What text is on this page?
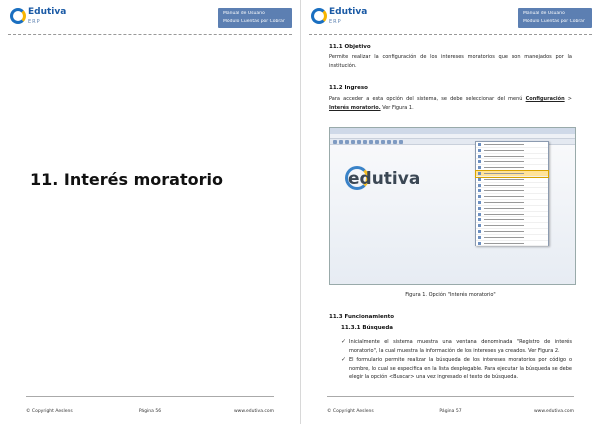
Edutiva
ERP
Manual de Usuario
Módulo Cuentas por Cobrar
11. Interés moratorio
© Copyright Aeslens	Página 56	www.edutiva.com
Edutiva
ERP
Manual de Usuario
Módulo Cuentas por Cobrar
11.1 Objetivo
Permite realizar la configuración de los intereses moratorios que son manejados por la institución.
11.2 Ingreso
Para acceder a esta opción del sistema, se debe seleccionar del menú Configuración > Interés moratorio. Ver Figura 1.
edutiva
Figura 1. Opción "Interés moratorio"
11.3 Funcionamiento
11.3.1 Búsqueda
✓ Inicialmente el sistema muestra una ventana denominada "Registro de interés moratorio", la cual muestra la información de los intereses ya creados. Ver Figura 2.
✓ El formulario permite realizar la búsqueda de los intereses moratorios por código o nombre, lo cual se especifica en la lista desplegable. Para ejecutar la búsqueda se debe elegir la opción <Buscar> una vez ingresado el texto de búsqueda.
© Copyright Aeslens	Página 57	www.edutiva.com
